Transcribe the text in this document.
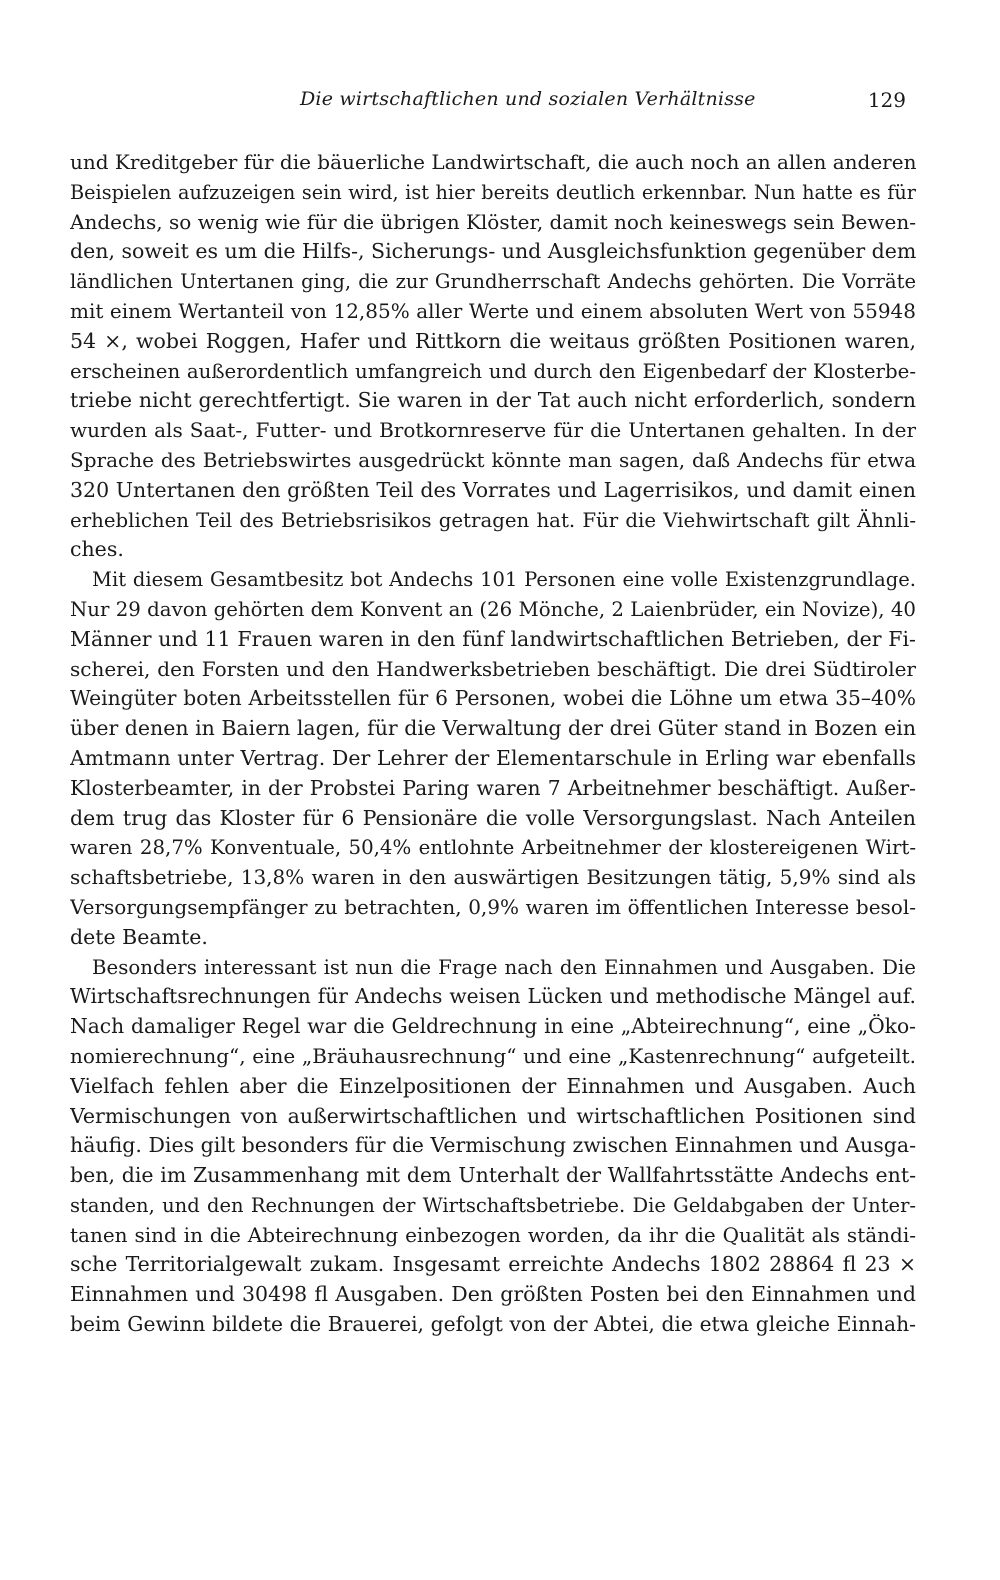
Die wirtschaftlichen und sozialen Verhältnisse	129
und Kreditgeber für die bäuerliche Landwirtschaft, die auch noch an allen anderen
Beispielen aufzuzeigen sein wird, ist hier bereits deutlich erkennbar. Nun hatte es für
Andechs, so wenig wie für die übrigen Klöster, damit noch keineswegs sein Bewen-
den, soweit es um die Hilfs-, Sicherungs- und Ausgleichsfunktion gegenüber dem
ländlichen Untertanen ging, die zur Grundherrschaft Andechs gehörten. Die Vorräte
mit einem Wertanteil von 12,85% aller Werte und einem absoluten Wert von 55948
54 ×, wobei Roggen, Hafer und Rittkorn die weitaus größten Positionen waren,
erscheinen außerordentlich umfangreich und durch den Eigenbedarf der Klosterbe-
triebe nicht gerechtfertigt. Sie waren in der Tat auch nicht erforderlich, sondern
wurden als Saat-, Futter- und Brotkornreserve für die Untertanen gehalten. In der
Sprache des Betriebswirtes ausgedrückt könnte man sagen, daß Andechs für etwa
320 Untertanen den größten Teil des Vorrates und Lagerrisikos, und damit einen
erheblichen Teil des Betriebsrisikos getragen hat. Für die Viehwirtschaft gilt Ähnli-
ches.
Mit diesem Gesamtbesitz bot Andechs 101 Personen eine volle Existenzgrundlage.
Nur 29 davon gehörten dem Konvent an (26 Mönche, 2 Laienbrüder, ein Novize), 40
Männer und 11 Frauen waren in den fünf landwirtschaftlichen Betrieben, der Fi-
scherei, den Forsten und den Handwerksbetrieben beschäftigt. Die drei Südtiroler
Weingüter boten Arbeitsstellen für 6 Personen, wobei die Löhne um etwa 35–40%
über denen in Baiern lagen, für die Verwaltung der drei Güter stand in Bozen ein
Amtmann unter Vertrag. Der Lehrer der Elementarschule in Erling war ebenfalls
Klosterbeamter, in der Probstei Paring waren 7 Arbeitnehmer beschäftigt. Außer-
dem trug das Kloster für 6 Pensionäre die volle Versorgungslast. Nach Anteilen
waren 28,7% Konventuale, 50,4% entlohnte Arbeitnehmer der klostereigenen Wirt-
schaftsbetriebe, 13,8% waren in den auswärtigen Besitzungen tätig, 5,9% sind als
Versorgungsempfänger zu betrachten, 0,9% waren im öffentlichen Interesse besol-
dete Beamte.
Besonders interessant ist nun die Frage nach den Einnahmen und Ausgaben. Die
Wirtschaftsrechnungen für Andechs weisen Lücken und methodische Mängel auf.
Nach damaliger Regel war die Geldrechnung in eine „Abteirechnung“, eine „Öko-
nomierechnung“, eine „Bräuhausrechnung“ und eine „Kastenrechnung“ aufgeteilt.
Vielfach fehlen aber die Einzelpositionen der Einnahmen und Ausgaben. Auch
Vermischungen von außerwirtschaftlichen und wirtschaftlichen Positionen sind
häufig. Dies gilt besonders für die Vermischung zwischen Einnahmen und Ausga-
ben, die im Zusammenhang mit dem Unterhalt der Wallfahrtsstätte Andechs ent-
standen, und den Rechnungen der Wirtschaftsbetriebe. Die Geldabgaben der Unter-
tanen sind in die Abteirechnung einbezogen worden, da ihr die Qualität als ständi-
sche Territorialgewalt zukam. Insgesamt erreichte Andechs 1802 28864 fl 23 ×
Einnahmen und 30498 fl Ausgaben. Den größten Posten bei den Einnahmen und
beim Gewinn bildete die Brauerei, gefolgt von der Abtei, die etwa gleiche Einnah-
